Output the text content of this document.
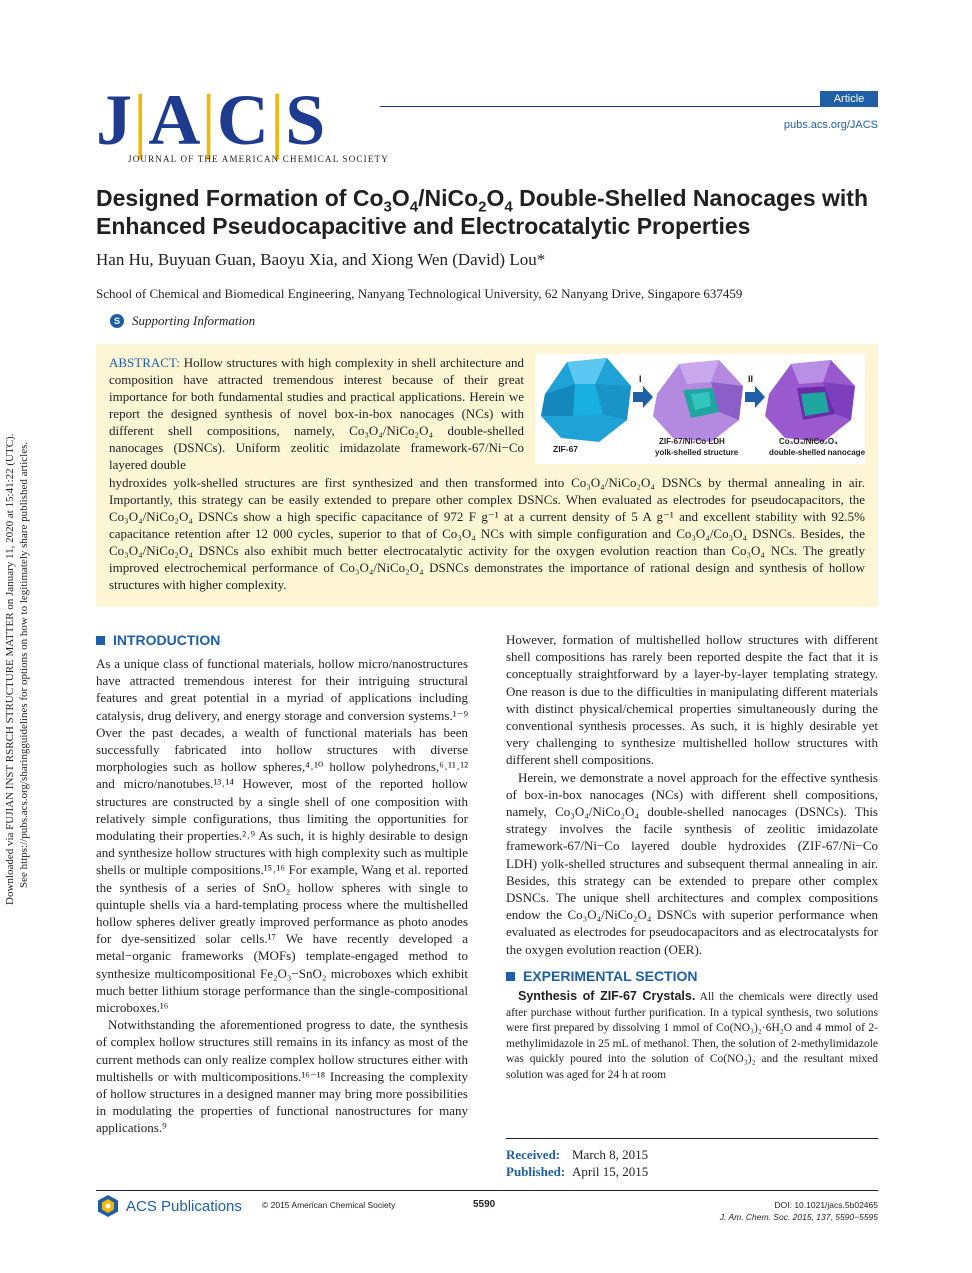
Downloaded via FUJIAN INST RSRCH STRUCTURE MATTER on January 11, 2020 at 15:41:22 (UTC). See https://pubs.acs.org/sharingguidelines for options on how to legitimately share published articles.
J|A|C|S
JOURNAL OF THE AMERICAN CHEMICAL SOCIETY
Article
pubs.acs.org/JACS
Designed Formation of $Co_3O_4/NiCo_2O_4$ Double-Shelled Nanocages with Enhanced Pseudocapacitive and Electrocatalytic Properties
Han Hu, Buyuan Guan, Baoyu Xia, and Xiong Wen (David) Lou*
School of Chemical and Biomedical Engineering, Nanyang Technological University, 62 Nanyang Drive, Singapore 637459
S Supporting Information
ABSTRACT: Hollow structures with high complexity in shell architecture and composition have attracted tremendous interest because of their great importance for both fundamental studies and practical applications. Herein we report the designed synthesis of novel box-in-box nanocages (NCs) with different shell compositions, namely, Co₃O₄/NiCo₂O₄ double-shelled nanocages (DSNCs). Uniform zeolitic imidazolate framework-67/Ni−Co layered double
hydroxides yolk-shelled structures are first synthesized and then transformed into Co₃O₄/NiCo₂O₄ DSNCs by thermal annealing in air. Importantly, this strategy can be easily extended to prepare other complex DSNCs. When evaluated as electrodes for pseudocapacitors, the Co₃O₄/NiCo₂O₄ DSNCs show a high specific capacitance of 972 F g⁻¹ at a current density of 5 A g⁻¹ and excellent stability with 92.5% capacitance retention after 12 000 cycles, superior to that of Co₃O₄ NCs with simple configuration and Co₃O₄/Co₃O₄ DSNCs. Besides, the Co₃O₄/NiCo₂O₄ DSNCs also exhibit much better electrocatalytic activity for the oxygen evolution reaction than Co₃O₄ NCs. The greatly improved electrochemical performance of Co₃O₄/NiCo₂O₄ DSNCs demonstrates the importance of rational design and synthesis of hollow structures with higher complexity.
I	II
ZIF-67
ZIF-67/Ni-Co LDH
yolk-shelled structure
Co₃O₄/NiCo₂O₄
double-shelled nanocage
INTRODUCTION

As a unique class of functional materials, hollow micro/nanostructures have attracted tremendous interest for their intriguing structural features and great potential in a myriad of applications including catalysis, drug delivery, and energy storage and conversion systems.¹⁻⁹ Over the past decades, a wealth of functional materials has been successfully fabricated into hollow structures with diverse morphologies such as hollow spheres,⁴˒¹⁰ hollow polyhedrons,⁶˒¹¹˒¹² and micro/nanotubes.¹³˒¹⁴ However, most of the reported hollow structures are constructed by a single shell of one composition with relatively simple configurations, thus limiting the opportunities for modulating their properties.²˒⁹ As such, it is highly desirable to design and synthesize hollow structures with high complexity such as multiple shells or multiple compositions.¹⁵˒¹⁶ For example, Wang et al. reported the synthesis of a series of SnO₂ hollow spheres with single to quintuple shells via a hard-templating process where the multishelled hollow spheres deliver greatly improved performance as photo anodes for dye-sensitized solar cells.¹⁷ We have recently developed a metal−organic frameworks (MOFs) template-engaged method to synthesize multicompositional Fe₂O₃−SnO₂ microboxes which exhibit much better lithium storage performance than the single-compositional microboxes.¹⁶

Notwithstanding the aforementioned progress to date, the synthesis of complex hollow structures still remains in its infancy as most of the current methods can only realize complex hollow structures either with multishells or with multicompositions.¹⁶⁻¹⁸ Increasing the complexity of hollow structures in a designed manner may bring more possibilities in modulating the properties of functional nanostructures for many applications.⁹

However, formation of multishelled hollow structures with different shell compositions has rarely been reported despite the fact that it is conceptually straightforward by a layer-by-layer templating strategy. One reason is due to the difficulties in manipulating different materials with distinct physical/chemical properties simultaneously during the conventional synthesis processes. As such, it is highly desirable yet very challenging to synthesize multishelled hollow structures with different shell compositions.

Herein, we demonstrate a novel approach for the effective synthesis of box-in-box nanocages (NCs) with different shell compositions, namely, Co₃O₄/NiCo₂O₄ double-shelled nanocages (DSNCs). This strategy involves the facile synthesis of zeolitic imidazolate framework-67/Ni−Co layered double hydroxides (ZIF-67/Ni−Co LDH) yolk-shelled structures and subsequent thermal annealing in air. Besides, this strategy can be extended to prepare other complex DSNCs. The unique shell architectures and complex compositions endow the Co₃O₄/NiCo₂O₄ DSNCs with superior performance when evaluated as electrodes for pseudocapacitors and as electrocatalysts for the oxygen evolution reaction (OER).

EXPERIMENTAL SECTION

Synthesis of ZIF-67 Crystals. All the chemicals were directly used after purchase without further purification. In a typical synthesis, two solutions were first prepared by dissolving 1 mmol of Co(NO₃)₂·6H₂O and 4 mmol of 2-methylimidazole in 25 mL of methanol. Then, the solution of 2-methylimidazole was quickly poured into the solution of Co(NO₃)₂ and the resultant mixed solution was aged for 24 h at room

Received: March 8, 2015
Published: April 15, 2015
ACS Publications © 2015 American Chemical Society	5590	DOI: 10.1021/jacs.5b02465
J. Am. Chem. Soc. 2015, 137, 5590−5595
